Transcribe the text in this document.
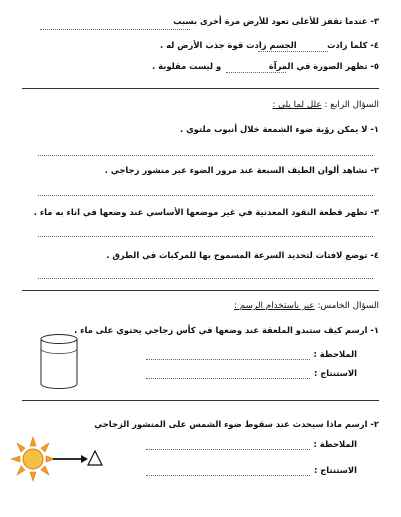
٣- عندما تقفز للأعلى تعود للأرض مرة أخرى بسبب
٤- كلما زادت
الجسم زادت قوة جذب الأرض له .
٥- تظهر الصورة في المرآة
و ليست مقلوبة .
السؤال الرابع : علل لما يلي :
١- لا يمكن رؤية ضوء الشمعة خلال أنبوب ملتوي .
٢- تشاهد ألوان الطيف السبعة عند مرور الضوء عبر منشور زجاجي .
٣- تظهر قطعة النقود المعدنية في غير موضعها الأساسي عند وضعها في اناء به ماء .
٤- توضع لافتات لتحديد السرعة المسموح بها للمركبات في الطرق .
السؤال الخامس: عبر باستخدام الرسم :
١- ارسم كيف ستبدو الملعقة عند وضعها في كأس زجاجي يحتوي على ماء .
الملاحظة :
الاستنتاج :
٢- ارسم ماذا سيحدث عند سقوط ضوء الشمس على المنشور الزجاجي
الملاحظة :
الاستنتاج :
